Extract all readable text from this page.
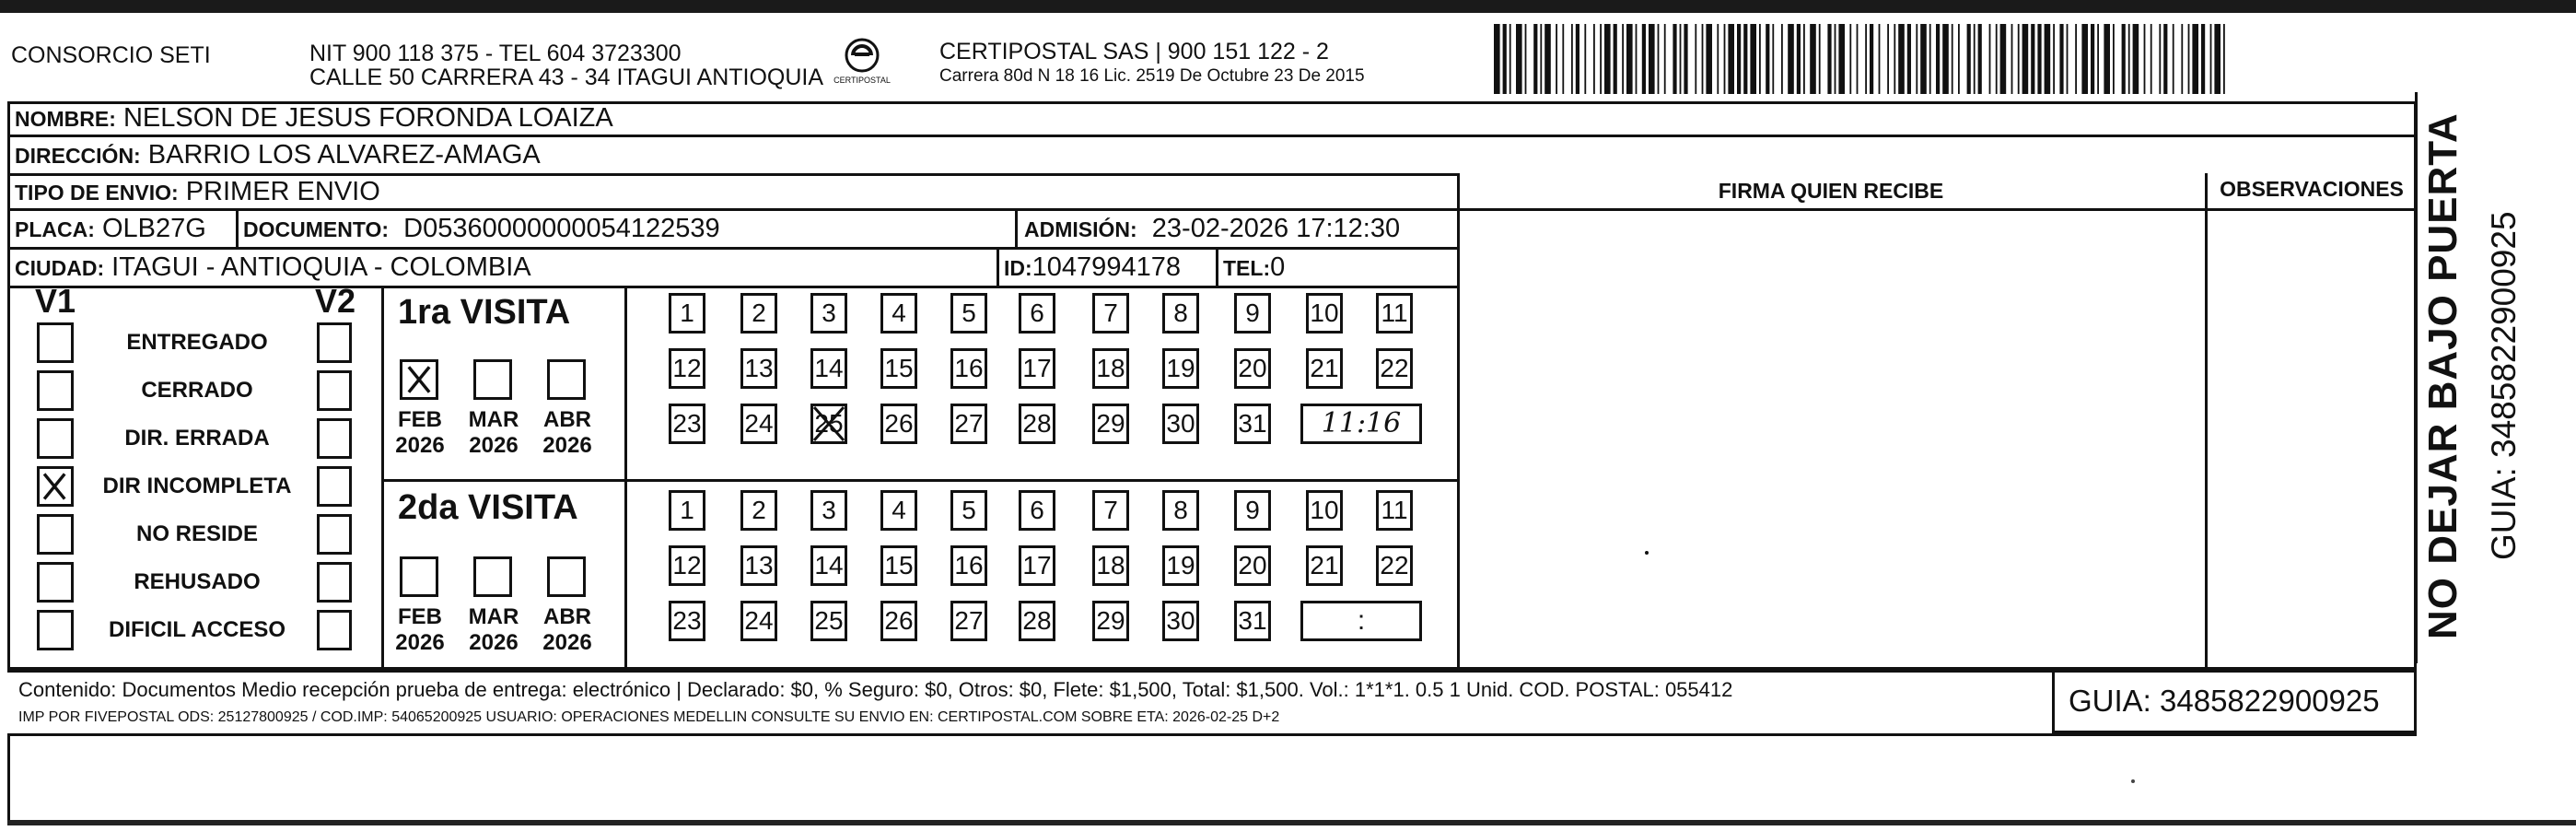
CONSORCIO SETI	NIT 900 118 375 - TEL 604 3723300
CALLE 50 CARRERA 43 - 34 ITAGUI ANTIOQUIA CERTIPOSTAL
CERTIPOSTAL SAS | 900 151 122 - 2
Carrera 80d N 18 16 Lic. 2519 De Octubre 23 De 2015
NOMBRE: NELSON DE JESUS FORONDA LOAIZA
DIRECCIÓN: BARRIO LOS ALVAREZ-AMAGA
TIPO DE ENVIO: PRIMER ENVIO
PLACA: OLB27G DOCUMENTO: D05360000000054122539	ADMISIÓN: 23-02-2026 17:12:30
CIUDAD: ITAGUI - ANTIOQUIA - COLOMBIA	ID:1047994178 TEL:0
FIRMA QUIEN RECIBE	OBSERVACIONES
V1	V2
ENTREGADO
CERRADO
DIR. ERRADA
DIR INCOMPLETA
NO RESIDE
REHUSADO
DIFICIL ACCESO
1ra VISITA
2da VISITA
FEB
2026
MAR
2026
ABR
2026
1	2	3	4	5	6	7	8	9	10 11
12 13 14 15 16 17 18 19 20 21 22
23 24 25 26 27 28 29 30 31	11:16
FEB
2026
MAR
2026
ABR
2026
1	2	3	4	5	6	7	8	9	10 11
12 13 14 15 16 17 18 19 20 21 22
23 24 25 26 27 28 29 30 31	:
Contenido: Documentos Medio recepción prueba de entrega: electrónico | Declarado: $0, % Seguro: $0, Otros: $0, Flete: $1,500, Total: $1,500. Vol.: 1*1*1. 0.5 1 Unid. COD. POSTAL: 055412
IMP POR FIVEPOSTAL ODS: 25127800925 / COD.IMP: 54065200925 USUARIO: OPERACIONES MEDELLIN CONSULTE SU ENVIO EN: CERTIPOSTAL.COM SOBRE ETA: 2026-02-25 D+2	GUIA: 3485822900925
NO DEJAR BAJO PUERTA GUIA: 3485822900925
